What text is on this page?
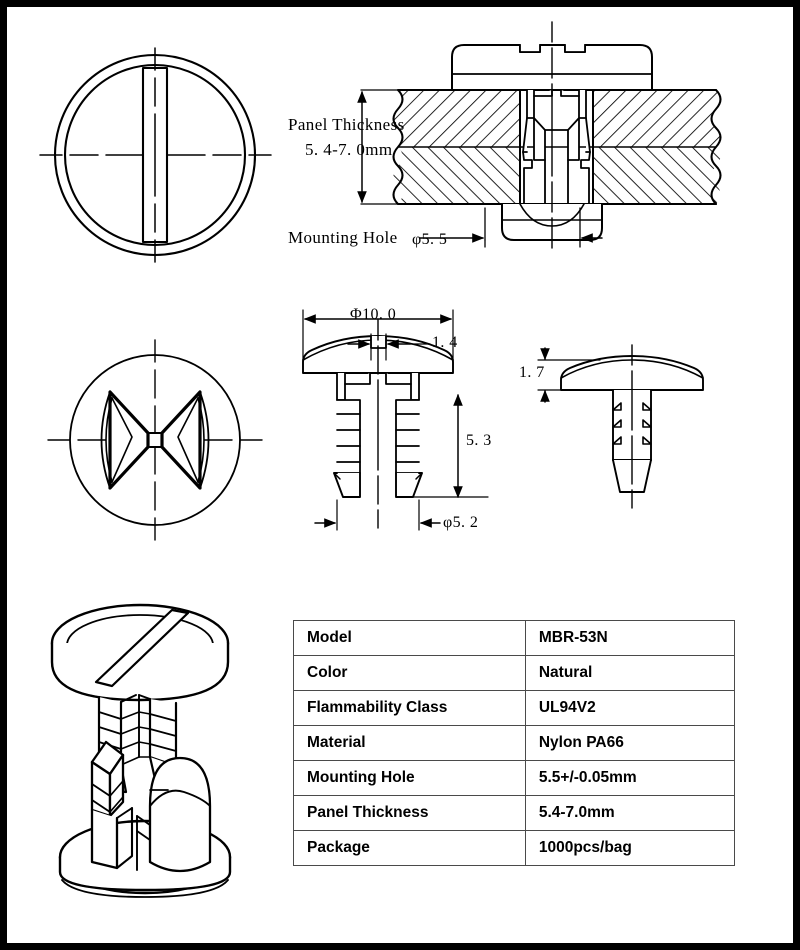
Panel Thickness
5. 4-7. 0mm
Mounting Hole φ5. 5
Φ10. 0
1. 4
5. 3
φ5. 2
1. 7
Model	MBR-53N
Color	Natural
Flammability Class	UL94V2
Material	Nylon PA66
Mounting Hole	5.5+/-0.05mm
Panel Thickness	5.4-7.0mm
Package	1000pcs/bag
